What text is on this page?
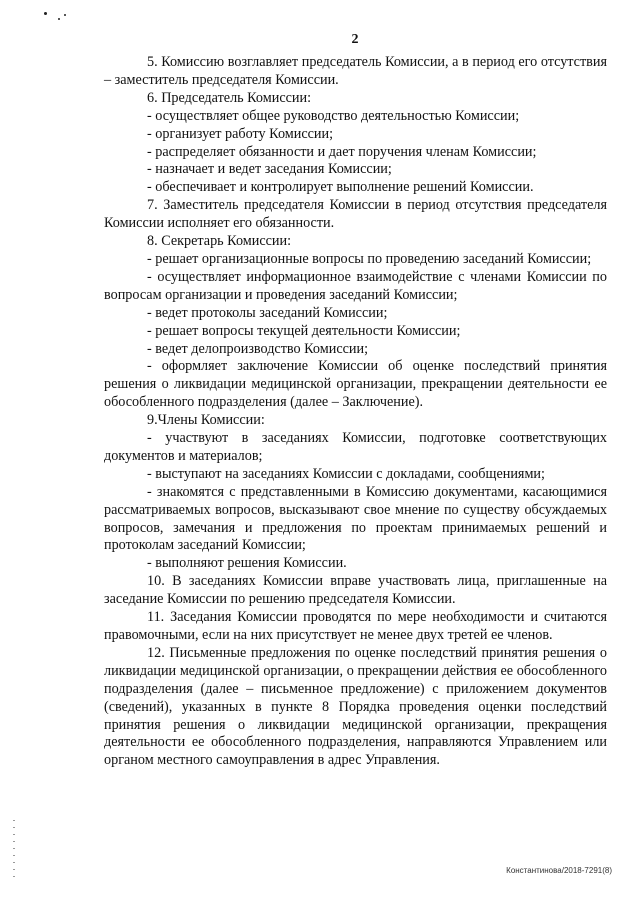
2

5. Комиссию возглавляет председатель Комиссии, а в период его отсутствия – заместитель председателя Комиссии.

6. Председатель Комиссии:

- осуществляет общее руководство деятельностью Комиссии;

- организует работу Комиссии;

- распределяет обязанности и дает поручения членам Комиссии;

- назначает и ведет заседания Комиссии;

- обеспечивает и контролирует выполнение решений Комиссии.

7. Заместитель председателя Комиссии в период отсутствия председателя Комиссии исполняет его обязанности.

8. Секретарь Комиссии:

- решает организационные вопросы по проведению заседаний Комиссии;

- осуществляет информационное взаимодействие с членами Комиссии по вопросам организации и проведения заседаний Комиссии;

- ведет протоколы заседаний Комиссии;

- решает вопросы текущей деятельности Комиссии;

- ведет делопроизводство Комиссии;

- оформляет заключение Комиссии об оценке последствий принятия решения о ликвидации медицинской организации, прекращении деятельности ее обособленного подразделения (далее – Заключение).

9.Члены Комиссии:

- участвуют в заседаниях Комиссии, подготовке соответствующих документов и материалов;

- выступают на заседаниях Комиссии с докладами, сообщениями;

- знакомятся с представленными в Комиссию документами, касающимися рассматриваемых вопросов, высказывают свое мнение по существу обсуждаемых вопросов, замечания и предложения по проектам принимаемых решений и протоколам заседаний Комиссии;

- выполняют решения Комиссии.

10. В заседаниях Комиссии вправе участвовать лица, приглашенные на заседание Комиссии по решению председателя Комиссии.

11. Заседания Комиссии проводятся по мере необходимости и считаются правомочными, если на них присутствует не менее двух третей ее членов.

12. Письменные предложения по оценке последствий принятия решения о ликвидации медицинской организации, о прекращении действия ее обособленного подразделения (далее – письменное предложение) с приложением документов (сведений), указанных в пункте 8 Порядка проведения оценки последствий принятия решения о ликвидации медицинской организации, прекращения деятельности ее обособленного подразделения, направляются Управлением или органом местного самоуправления в адрес Управления.

Константинова/2018-7291(8)
